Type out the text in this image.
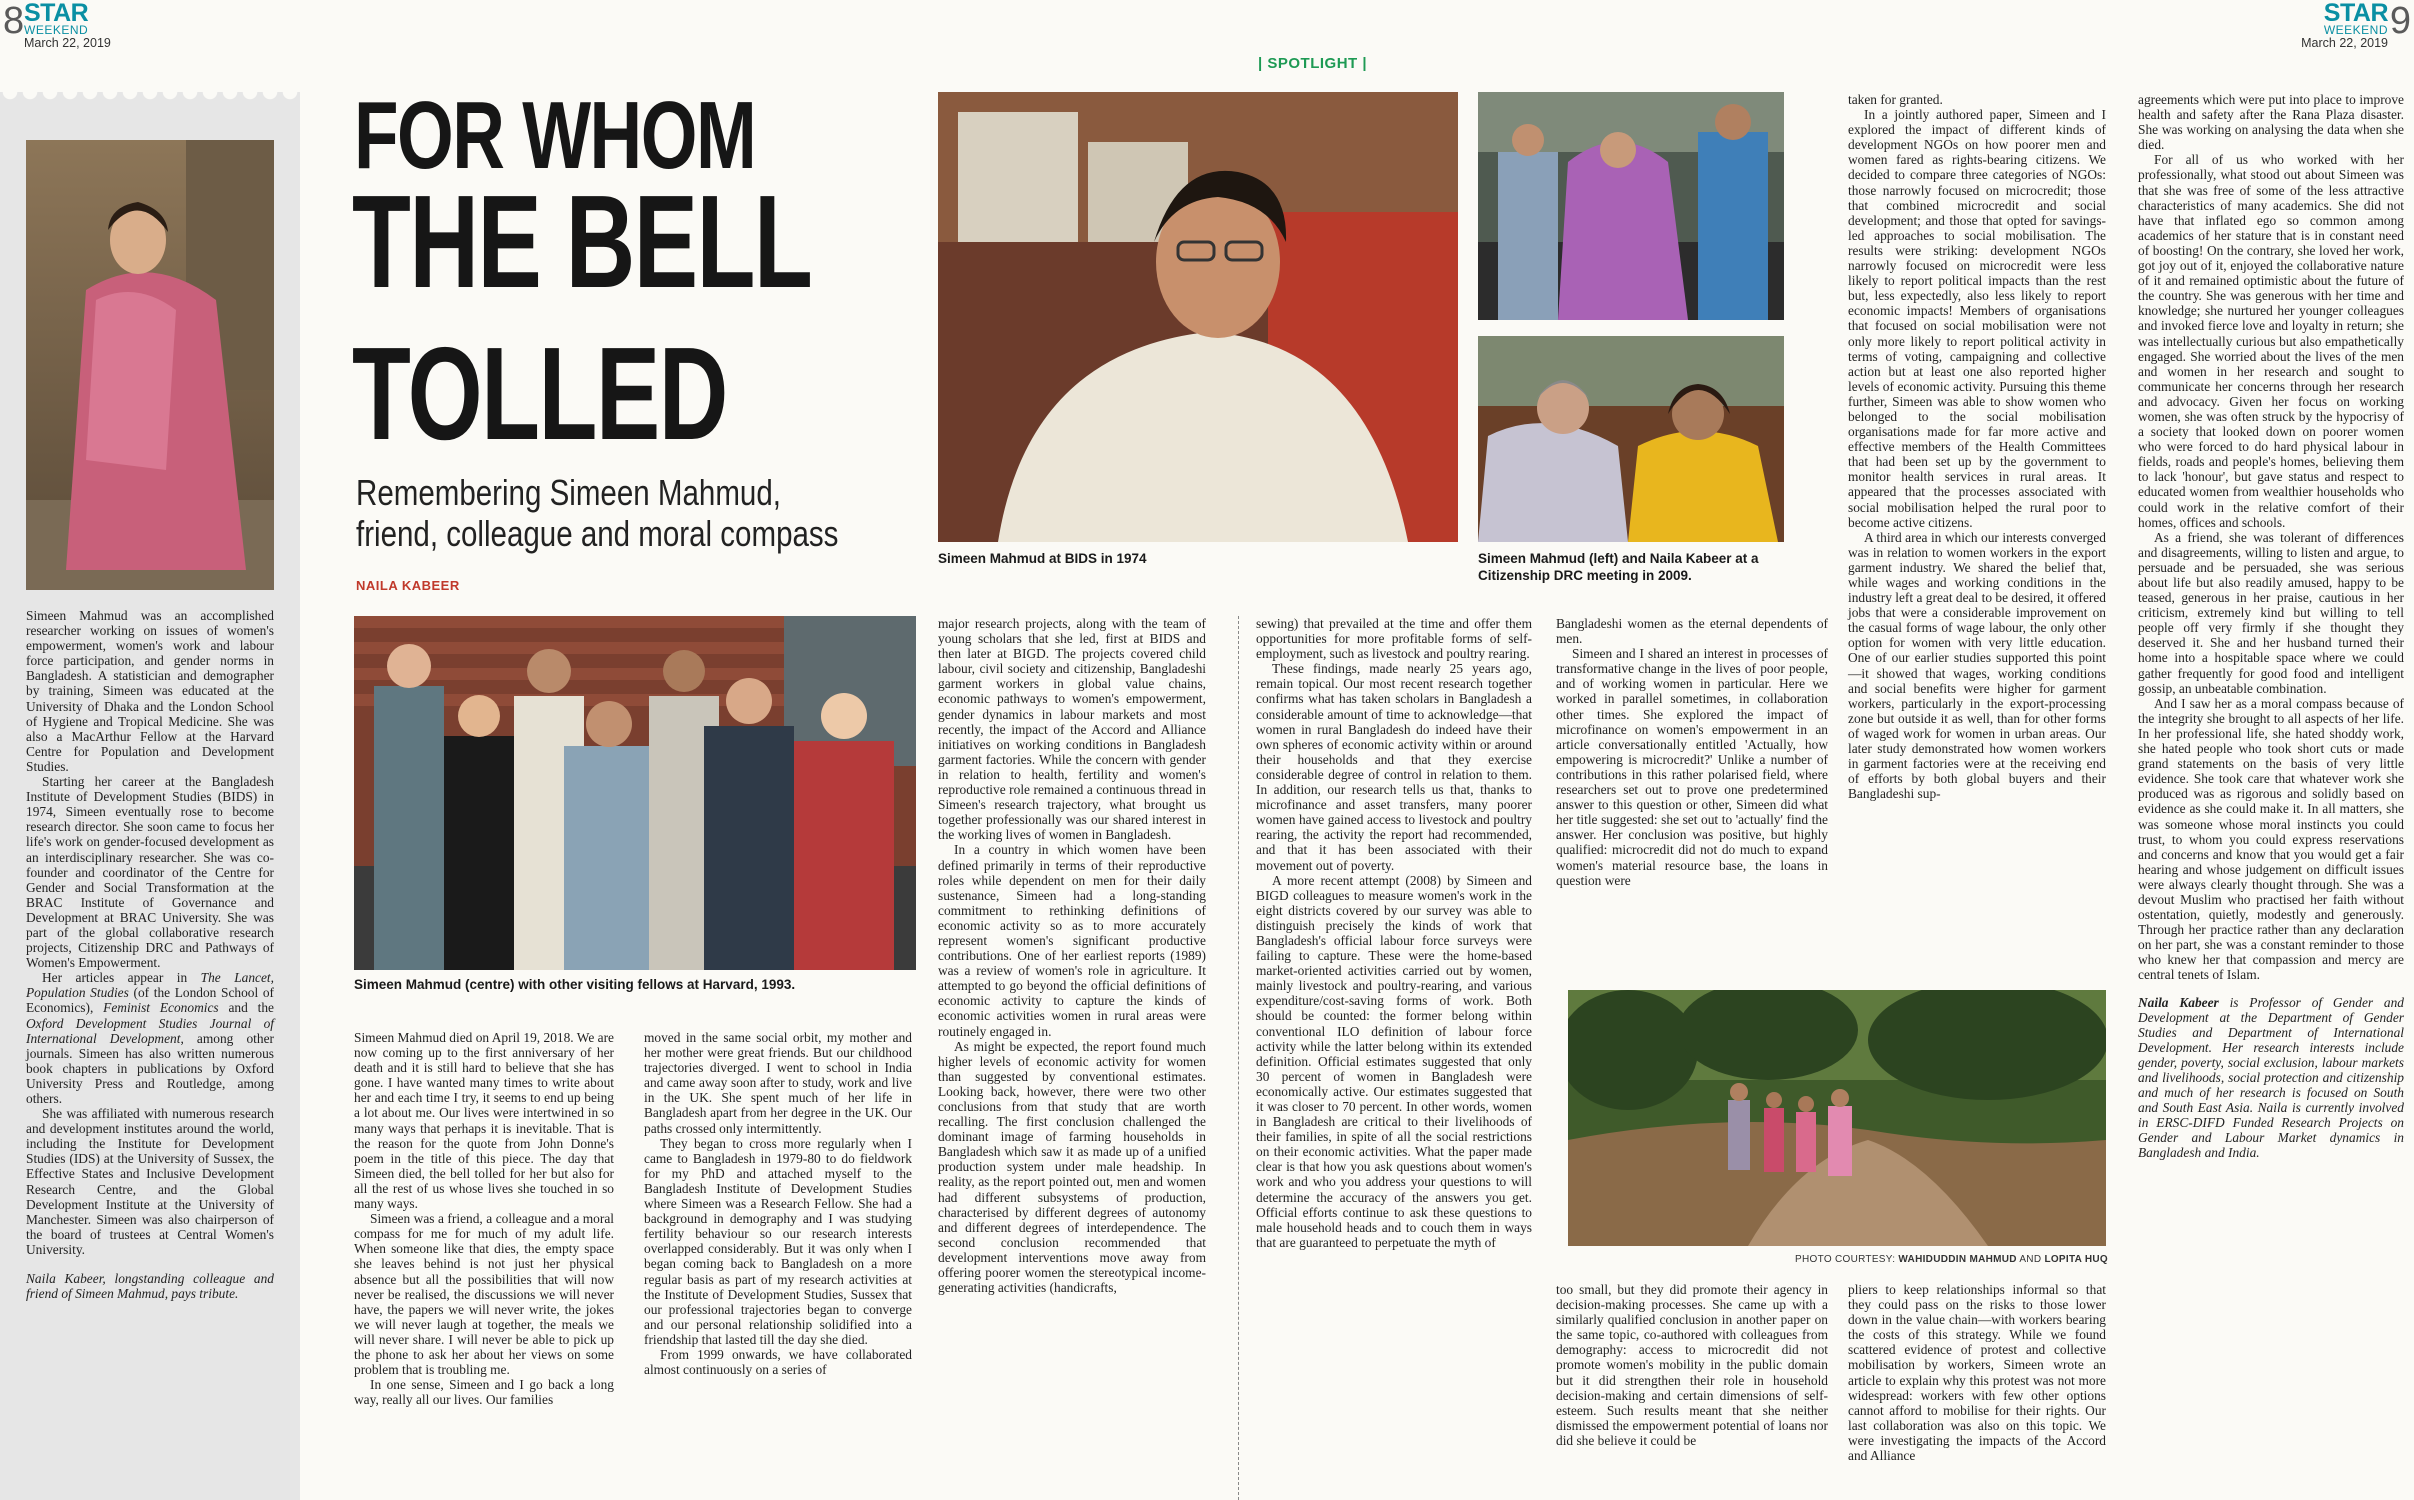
8 STAR
WEEKEND
March 22, 2019
STAR
WEEKEND
March 22, 2019
9
| SPOTLIGHT |

Simeen Mahmud was an accomplished researcher working on issues of women's empowerment, women's work and labour force participation, and gender norms in Bangladesh. A statistician and demographer by training, Simeen was educated at the University of Dhaka and the London School of Hygiene and Tropical Medicine. She was also a MacArthur Fellow at the Harvard Centre for Population and Development Studies.

Starting her career at the Bangladesh Institute of Development Studies (BIDS) in 1974, Simeen eventually rose to become research director. She soon came to focus her life's work on gender-focused development as an interdisciplinary researcher. She was co-founder and coordinator of the Centre for Gender and Social Transformation at the BRAC Institute of Governance and Development at BRAC University. She was part of the global collaborative research projects, Citizenship DRC and Pathways of Women's Empowerment.

Her articles appear in The Lancet, Population Studies (of the London School of Economics), Feminist Economics and the Oxford Development Studies Journal of International Development, among other journals. Simeen has also written numerous book chapters in publications by Oxford University Press and Routledge, among others.

She was affiliated with numerous research and development institutes around the world, including the Institute for Development Studies (IDS) at the University of Sussex, the Effective States and Inclusive Development Research Centre, and the Global Development Institute at the University of Manchester. Simeen was also chairperson of the board of trustees at Central Women's University.

Naila Kabeer, longstanding colleague and friend of Simeen Mahmud, pays tribute.

FOR WHOM
THE BELL
TOLLED
Remembering Simeen Mahmud, friend, colleague and moral compass
NAILA KABEER
Simeen Mahmud (centre) with other visiting fellows at Harvard, 1993.
Simeen Mahmud at BIDS in 1974	Simeen Mahmud (left) and Naila Kabeer at a Citizenship DRC meeting in 2009.

Simeen Mahmud died on April 19, 2018. We are now coming up to the first anniversary of her death and it is still hard to believe that she has gone. I have wanted many times to write about her and each time I try, it seems to end up being a lot about me. Our lives were intertwined in so many ways that perhaps it is inevitable. That is the reason for the quote from John Donne's poem in the title of this piece. The day that Simeen died, the bell tolled for her but also for all the rest of us whose lives she touched in so many ways.

Simeen was a friend, a colleague and a moral compass for me for much of my adult life. When someone like that dies, the empty space she leaves behind is not just her physical absence but all the possibilities that will now never be realised, the discussions we will never have, the papers we will never write, the jokes we will never laugh at together, the meals we will never share. I will never be able to pick up the phone to ask her about her views on some problem that is troubling me.

In one sense, Simeen and I go back a long way, really all our lives. Our families

moved in the same social orbit, my mother and her mother were great friends. But our childhood trajectories diverged. I went to school in India and came away soon after to study, work and live in the UK. She spent much of her life in Bangladesh apart from her degree in the UK. Our paths crossed only intermittently.

They began to cross more regularly when I came to Bangladesh in 1979-80 to do fieldwork for my PhD and attached myself to the Bangladesh Institute of Development Studies where Simeen was a Research Fellow. She had a background in demography and I was studying fertility behaviour so our research interests overlapped considerably. But it was only when I began coming back to Bangladesh on a more regular basis as part of my research activities at the Institute of Development Studies, Sussex that our professional trajectories began to converge and our personal relationship solidified into a friendship that lasted till the day she died.

From 1999 onwards, we have collaborated almost continuously on a series of

major research projects, along with the team of young scholars that she led, first at BIDS and then later at BIGD. The projects covered child labour, civil society and citizenship, Bangladeshi garment workers in global value chains, economic pathways to women's empowerment, gender dynamics in labour markets and most recently, the impact of the Accord and Alliance initiatives on working conditions in Bangladesh garment factories. While the concern with gender in relation to health, fertility and women's reproductive role remained a continuous thread in Simeen's research trajectory, what brought us together professionally was our shared interest in the working lives of women in Bangladesh.

In a country in which women have been defined primarily in terms of their reproductive roles while dependent on men for their daily sustenance, Simeen had a long-standing commitment to rethinking definitions of economic activity so as to more accurately represent women's significant productive contributions. One of her earliest reports (1989) was a review of women's role in agriculture. It attempted to go beyond the official definitions of economic activity to capture the kinds of economic activities women in rural areas were routinely engaged in.

As might be expected, the report found much higher levels of economic activity for women than suggested by conventional estimates. Looking back, however, there were two other conclusions from that study that are worth recalling. The first conclusion challenged the dominant image of farming households in Bangladesh which saw it as made up of a unified production system under male headship. In reality, as the report pointed out, men and women had different subsystems of production, characterised by different degrees of autonomy and different degrees of interdependence. The second conclusion recommended that development interventions move away from offering poorer women the stereotypical income-generating activities (handicrafts,

sewing) that prevailed at the time and offer them opportunities for more profitable forms of self-employment, such as livestock and poultry rearing.

These findings, made nearly 25 years ago, remain topical. Our most recent research together confirms what has taken scholars in Bangladesh a considerable amount of time to acknowledge—that women in rural Bangladesh do indeed have their own spheres of economic activity within or around their households and that they exercise considerable degree of control in relation to them. In addition, our research tells us that, thanks to microfinance and asset transfers, many poorer women have gained access to livestock and poultry rearing, the activity the report had recommended, and that it has been associated with their movement out of poverty.

A more recent attempt (2008) by Simeen and BIGD colleagues to measure women's work in the eight districts covered by our survey was able to distinguish precisely the kinds of work that Bangladesh's official labour force surveys were failing to capture. These were the home-based market-oriented activities carried out by women, mainly livestock and poultry-rearing, and various expenditure/cost-saving forms of work. Both should be counted: the former belong within conventional ILO definition of labour force activity while the latter belong within its extended definition. Official estimates suggested that only 30 percent of women in Bangladesh were economically active. Our estimates suggested that it was closer to 70 percent. In other words, women in Bangladesh are critical to their livelihoods of their families, in spite of all the social restrictions on their economic activities. What the paper made clear is that how you ask questions about women's work and who you address your questions to will determine the accuracy of the answers you get. Official efforts continue to ask these questions to male household heads and to couch them in ways that are guaranteed to perpetuate the myth of

Bangladeshi women as the eternal dependents of men.

Simeen and I shared an interest in processes of transformative change in the lives of poor people, and of working women in particular. Here we worked in parallel sometimes, in collaboration other times. She explored the impact of microfinance on women's empowerment in an article conversationally entitled 'Actually, how empowering is microcredit?' Unlike a number of contributions in this rather polarised field, where researchers set out to prove one predetermined answer to this question or other, Simeen did what her title suggested: she set out to 'actually' find the answer. Her conclusion was positive, but highly qualified: microcredit did not do much to expand women's material resource base, the loans in question were

PHOTO COURTESY: WAHIDUDDIN MAHMUD AND LOPITA HUQ

too small, but they did promote their agency in decision-making processes. She came up with a similarly qualified conclusion in another paper on the same topic, co-authored with colleagues from demography: access to microcredit did not promote women's mobility in the public domain but it did strengthen their role in household decision-making and certain dimensions of self-esteem. Such results meant that she neither dismissed the empowerment potential of loans nor did she believe it could be

taken for granted.

In a jointly authored paper, Simeen and I explored the impact of different kinds of development NGOs on how poorer men and women fared as rights-bearing citizens. We decided to compare three categories of NGOs: those narrowly focused on microcredit; those that combined microcredit and social development; and those that opted for savings-led approaches to social mobilisation. The results were striking: development NGOs narrowly focused on microcredit were less likely to report political impacts than the rest but, less expectedly, also less likely to report economic impacts! Members of organisations that focused on social mobilisation were not only more likely to report political activity in terms of voting, campaigning and collective action but at least one also reported higher levels of economic activity. Pursuing this theme further, Simeen was able to show women who belonged to the social mobilisation organisations made for far more active and effective members of the Health Committees that had been set up by the government to monitor health services in rural areas. It appeared that the processes associated with social mobilisation helped the rural poor to become active citizens.

A third area in which our interests converged was in relation to women workers in the export garment industry. We shared the belief that, while wages and working conditions in the industry left a great deal to be desired, it offered jobs that were a considerable improvement on the casual forms of wage labour, the only other option for women with very little education. One of our earlier studies supported this point—it showed that wages, working conditions and social benefits were higher for garment workers, particularly in the export-processing zone but outside it as well, than for other forms of waged work for women in urban areas. Our later study demonstrated how women workers in garment factories were at the receiving end of efforts by both global buyers and their Bangladeshi sup-

pliers to keep relationships informal so that they could pass on the risks to those lower down in the value chain—with workers bearing the costs of this strategy. While we found scattered evidence of protest and collective mobilisation by workers, Simeen wrote an article to explain why this protest was not more widespread: workers with few other options cannot afford to mobilise for their rights. Our last collaboration was also on this topic. We were investigating the impacts of the Accord and Alliance

agreements which were put into place to improve health and safety after the Rana Plaza disaster. She was working on analysing the data when she died.

For all of us who worked with her professionally, what stood out about Simeen was that she was free of some of the less attractive characteristics of many academics. She did not have that inflated ego so common among academics of her stature that is in constant need of boosting! On the contrary, she loved her work, got joy out of it, enjoyed the collaborative nature of it and remained optimistic about the future of the country. She was generous with her time and knowledge; she nurtured her younger colleagues and invoked fierce love and loyalty in return; she was intellectually curious but also empathetically engaged. She worried about the lives of the men and women in her research and sought to communicate her concerns through her research and advocacy. Given her focus on working women, she was often struck by the hypocrisy of a society that looked down on poorer women who were forced to do hard physical labour in fields, roads and people's homes, believing them to lack 'honour', but gave status and respect to educated women from wealthier households who could work in the relative comfort of their homes, offices and schools.

As a friend, she was tolerant of differences and disagreements, willing to listen and argue, to persuade and be persuaded, she was serious about life but also readily amused, happy to be teased, generous in her praise, cautious in her criticism, extremely kind but willing to tell people off very firmly if she thought they deserved it. She and her husband turned their home into a hospitable space where we could gather frequently for good food and intelligent gossip, an unbeatable combination.

And I saw her as a moral compass because of the integrity she brought to all aspects of her life. In her professional life, she hated shoddy work, she hated people who took short cuts or made grand statements on the basis of very little evidence. She took care that whatever work she produced was as rigorous and solidly based on evidence as she could make it. In all matters, she was someone whose moral instincts you could trust, to whom you could express reservations and concerns and know that you would get a fair hearing and whose judgement on difficult issues were always clearly thought through. She was a devout Muslim who practised her faith without ostentation, quietly, modestly and generously. Through her practice rather than any declaration on her part, she was a constant reminder to those who knew her that compassion and mercy are central tenets of Islam.

Naila Kabeer is Professor of Gender and Development at the Department of Gender Studies and Department of International Development. Her research interests include gender, poverty, social exclusion, labour markets and livelihoods, social protection and citizenship and much of her research is focused on South and South East Asia. Naila is currently involved in ERSC-DIFD Funded Research Projects on Gender and Labour Market dynamics in Bangladesh and India.
